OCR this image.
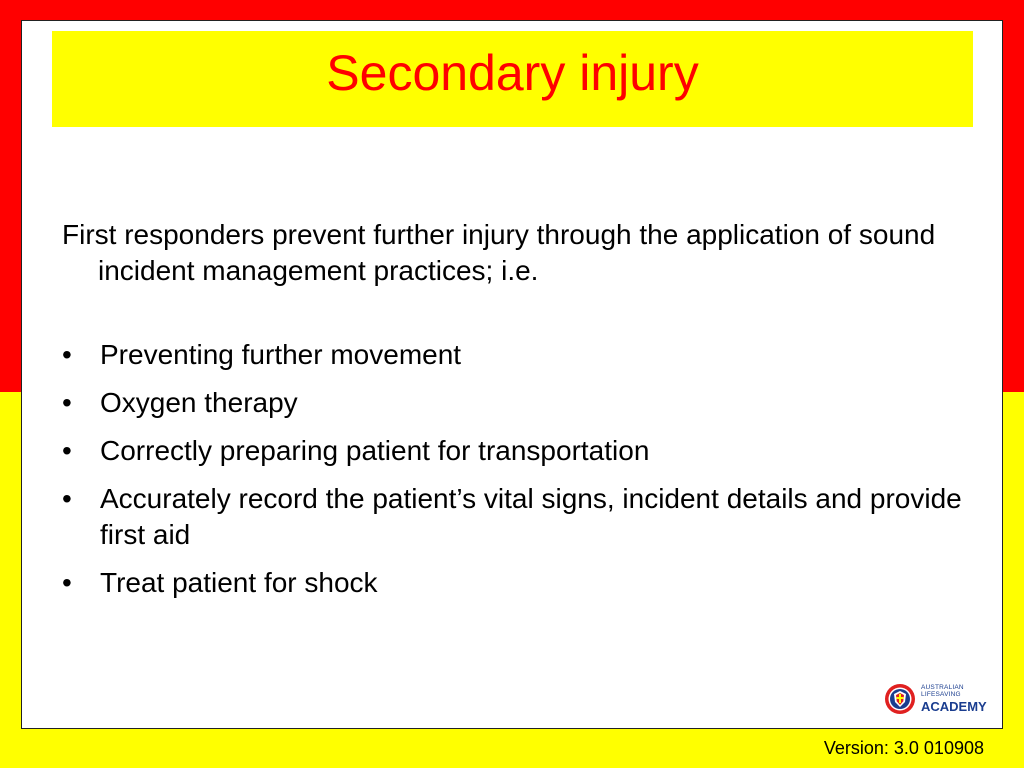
Secondary injury

First responders prevent further injury through the application of sound incident management practices; i.e.

• Preventing further movement
• Oxygen therapy
• Correctly preparing patient for transportation
• Accurately record the patient’s vital signs, incident details and provide first aid
• Treat patient for shock
AUSTRALIAN LIFESAVING
ACADEMY
Version: 3.0 010908
